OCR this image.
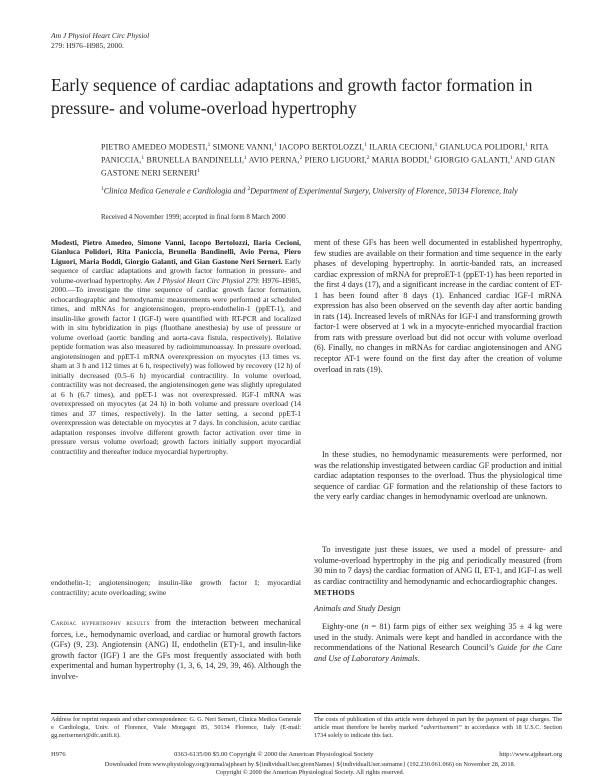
Am J Physiol Heart Circ Physiol
279: H976–H985, 2000.
Early sequence of cardiac adaptations and growth factor formation in pressure- and volume-overload hypertrophy
PIETRO AMEDEO MODESTI,$^1$ SIMONE VANNI,$^1$ IACOPO BERTOLOZZI,$^1$ ILARIA CECIONI,$^1$ GIANLUCA POLIDORI,$^1$ RITA PANICCIA,$^1$ BRUNELLA BANDINELLI,$^1$ AVIO PERNA,$^2$ PIERO LIGUORI,$^2$ MARIA BODDI,$^1$ GIORGIO GALANTI,$^1$ AND GIAN GASTONE NERI SERNERI$^1$
$^1$Clinica Medica Generale e Cardiologia and $^2$Department of Experimental Surgery, University of Florence, 50134 Florence, Italy
Received 4 November 1999; accepted in final form 8 March 2000
Modesti, Pietro Amedeo, Simone Vanni, Iacopo Bertolozzi, Ilaria Cecioni, Gianluca Polidori, Rita Paniccia, Brunella Bandinelli, Avio Perna, Piero Liguori, Maria Boddi, Giorgio Galanti, and Gian Gastone Neri Serneri. Early sequence of cardiac adaptations and growth factor formation in pressure- and volume-overload hypertrophy. Am J Physiol Heart Circ Physiol 279: H976–H985, 2000.—To investigate the time sequence of cardiac growth factor formation, echocardiographic and hemodynamic measurements were performed at scheduled times, and mRNAs for angiotensinogen, prepro-endothelin-1 (ppET-1), and insulin-like growth factor I (IGF-I) were quantified with RT-PCR and localized with in situ hybridization in pigs (fluothane anesthesia) by use of pressure or volume overload (aortic banding and aorta-cava fistula, respectively). Relative peptide formation was also measured by radioimmunoassay. In pressure overload, angiotensinogen and ppET-1 mRNA overexpression on myocytes (13 times vs. sham at 3 h and 112 times at 6 h, respectively) was followed by recovery (12 h) of initially decreased (0.5–6 h) myocardial contractility. In volume overload, contractility was not decreased, the angiotensinogen gene was slightly upregulated at 6 h (6.7 times), and ppET-1 was not overexpressed. IGF-I mRNA was overexpressed on myocytes (at 24 h) in both volume and pressure overload (14 times and 37 times, respectively). In the latter setting, a second ppET-1 overexpression was detectable on myocytes at 7 days. In conclusion, acute cardiac adaptation responses involve different growth factor activation over time in pressure versus volume overload; growth factors initially support myocardial contractility and thereafter induce myocardial hypertrophy.
endothelin-1; angiotensinogen; insulin-like growth factor I; myocardial contractility; acute overloading; swine
Cardiac hypertrophy results from the interaction between mechanical forces, i.e., hemodynamic overload, and cardiac or humoral growth factors (GFs) (9, 23). Angiotensin (ANG) II, endothelin (ET)-1, and insulin-like growth factor (IGF) I are the GFs most frequently associated with both experimental and human hypertrophy (1, 3, 6, 14, 29, 39, 46). Although the involve-
ment of these GFs has been well documented in established hypertrophy, few studies are available on their formation and time sequence in the early phases of developing hypertrophy. In aortic-banded rats, an increased cardiac expression of mRNA for preproET-1 (ppET-1) has been reported in the first 4 days (17), and a significant increase in the cardiac content of ET-1 has been found after 8 days (1). Enhanced cardiac IGF-I mRNA expression has also been observed on the seventh day after aortic banding in rats (14). Increased levels of mRNAs for IGF-I and transforming growth factor-1 were observed at 1 wk in a myocyte-enriched myocardial fraction from rats with pressure overload but did not occur with volume overload (6). Finally, no changes in mRNAs for cardiac angiotensinogen and ANG receptor AT-1 were found on the first day after the creation of volume overload in rats (19).
In these studies, no hemodynamic measurements were performed, nor was the relationship investigated between cardiac GF production and initial cardiac adaptation responses to the overload. Thus the physiological time sequence of cardiac GF formation and the relationship of these factors to the very early cardiac changes in hemodynamic overload are unknown.
To investigate just these issues, we used a model of pressure- and volume-overload hypertrophy in the pig and periodically measured (from 30 min to 7 days) the cardiac formation of ANG II, ET-1, and IGF-I as well as cardiac contractility and hemodynamic and echocardiographic changes.
METHODS
Animals and Study Design
Eighty-one (n = 81) farm pigs of either sex weighing 35 ± 4 kg were used in the study. Animals were kept and handled in accordance with the recommendations of the National Research Council’s Guide for the Care and Use of Laboratory Animals.
Address for reprint requests and other correspondence: G. G. Neri Serneri, Clinica Medica Generale e Cardiologia, Univ. of Florence, Viale Morgagni 85, 50134 Florence, Italy (E-mail: gg.neriserneri@dfc.unifi.it).
The costs of publication of this article were defrayed in part by the payment of page charges. The article must therefore be hereby marked “advertisement” in accordance with 18 U.S.C. Section 1734 solely to indicate this fact.
H976	0363-6135/00 $5.00 Copyright © 2000 the American Physiological Society	http://www.ajpheart.org
Downloaded from www.physiology.org/journal/ajpheart by ${individualUser.givenNames} ${individualUser.surname} (192.230.061.066) on November 28, 2018.
Copyright © 2000 the American Physiological Society. All rights reserved.
